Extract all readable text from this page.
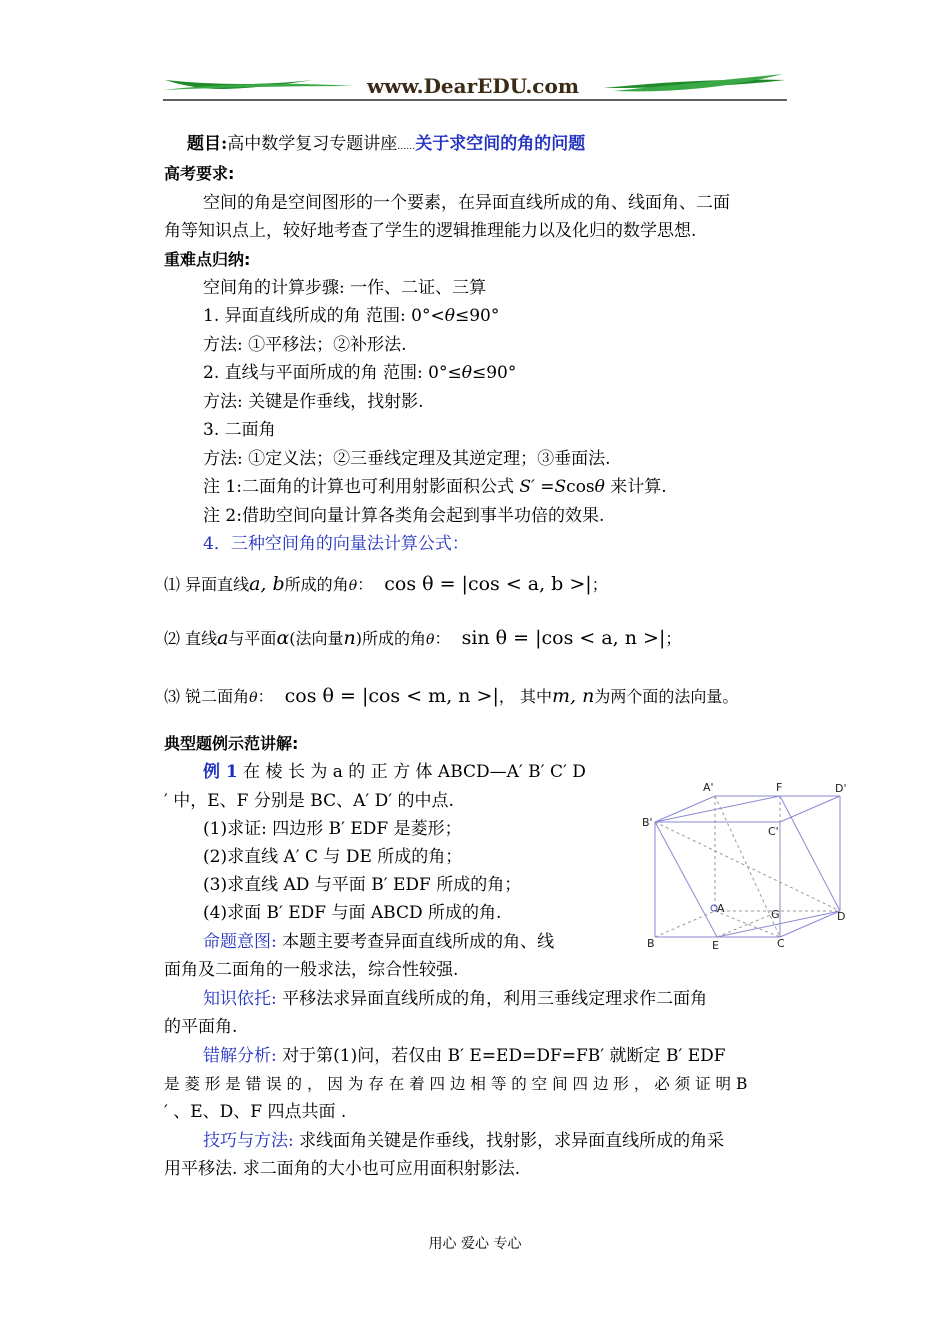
www.DearEDU.com
题目:高中数学复习专题讲座……关于求空间的角的问题
高考要求:
空间的角是空间图形的一个要素，在异面直线所成的角、线面角、二面
角等知识点上，较好地考查了学生的逻辑推理能力以及化归的数学思想.
重难点归纳:
空间角的计算步骤: 一作、二证、三算
1. 异面直线所成的角 范围: 0°<θ≤90°
方法: ①平移法；②补形法.
2. 直线与平面所成的角 范围: 0°≤θ≤90°
方法: 关键是作垂线，找射影.
3. 二面角
方法: ①定义法；②三垂线定理及其逆定理；③垂面法.
注 1:二面角的计算也可利用射影面积公式 S′ =Scosθ 来计算.
注 2:借助空间向量计算各类角会起到事半功倍的效果.
4．三种空间角的向量法计算公式：
⑴ 异面直线a, b所成的角θ： cos θ = |cos < a, b >|；
⑵ 直线a与平面α(法向量n)所成的角θ： sin θ = |cos < a, n >|；
⑶ 锐二面角θ： cos θ = |cos < m, n >|， 其中m, n为两个面的法向量。
典型题例示范讲解:
例 1 在 棱 长 为 a 的 正 方 体 ABCD—A′ B′ C′ D
′ 中，E、F 分别是 BC、A′ D′ 的中点.
(1)求证: 四边形 B′ EDF 是菱形；
(2)求直线 A′ C 与 DE 所成的角；
(3)求直线 AD 与平面 B′ EDF 所成的角；
(4)求面 B′ EDF 与面 ABCD 所成的角.
命题意图: 本题主要考查异面直线所成的角、线
面角及二面角的一般求法，综合性较强.
知识依托: 平移法求异面直线所成的角，利用三垂线定理求作二面角
的平面角.
错解分析: 对于第(1)问，若仅由 B′ E=ED=DF=FB′ 就断定 B′ EDF
是 菱 形 是 错 误 的 ， 因 为 存 在 着 四 边 相 等 的 空 间 四 边 形 ， 必 须 证 明 B
′ 、E、D、F 四点共面 .
技巧与方法: 求线面角关键是作垂线，找射影，求异面直线所成的角采
用平移法. 求二面角的大小也可应用面积射影法.
A'	F	D'
B'
C'
A	G	D
B	E	C
用心 爱心 专心
